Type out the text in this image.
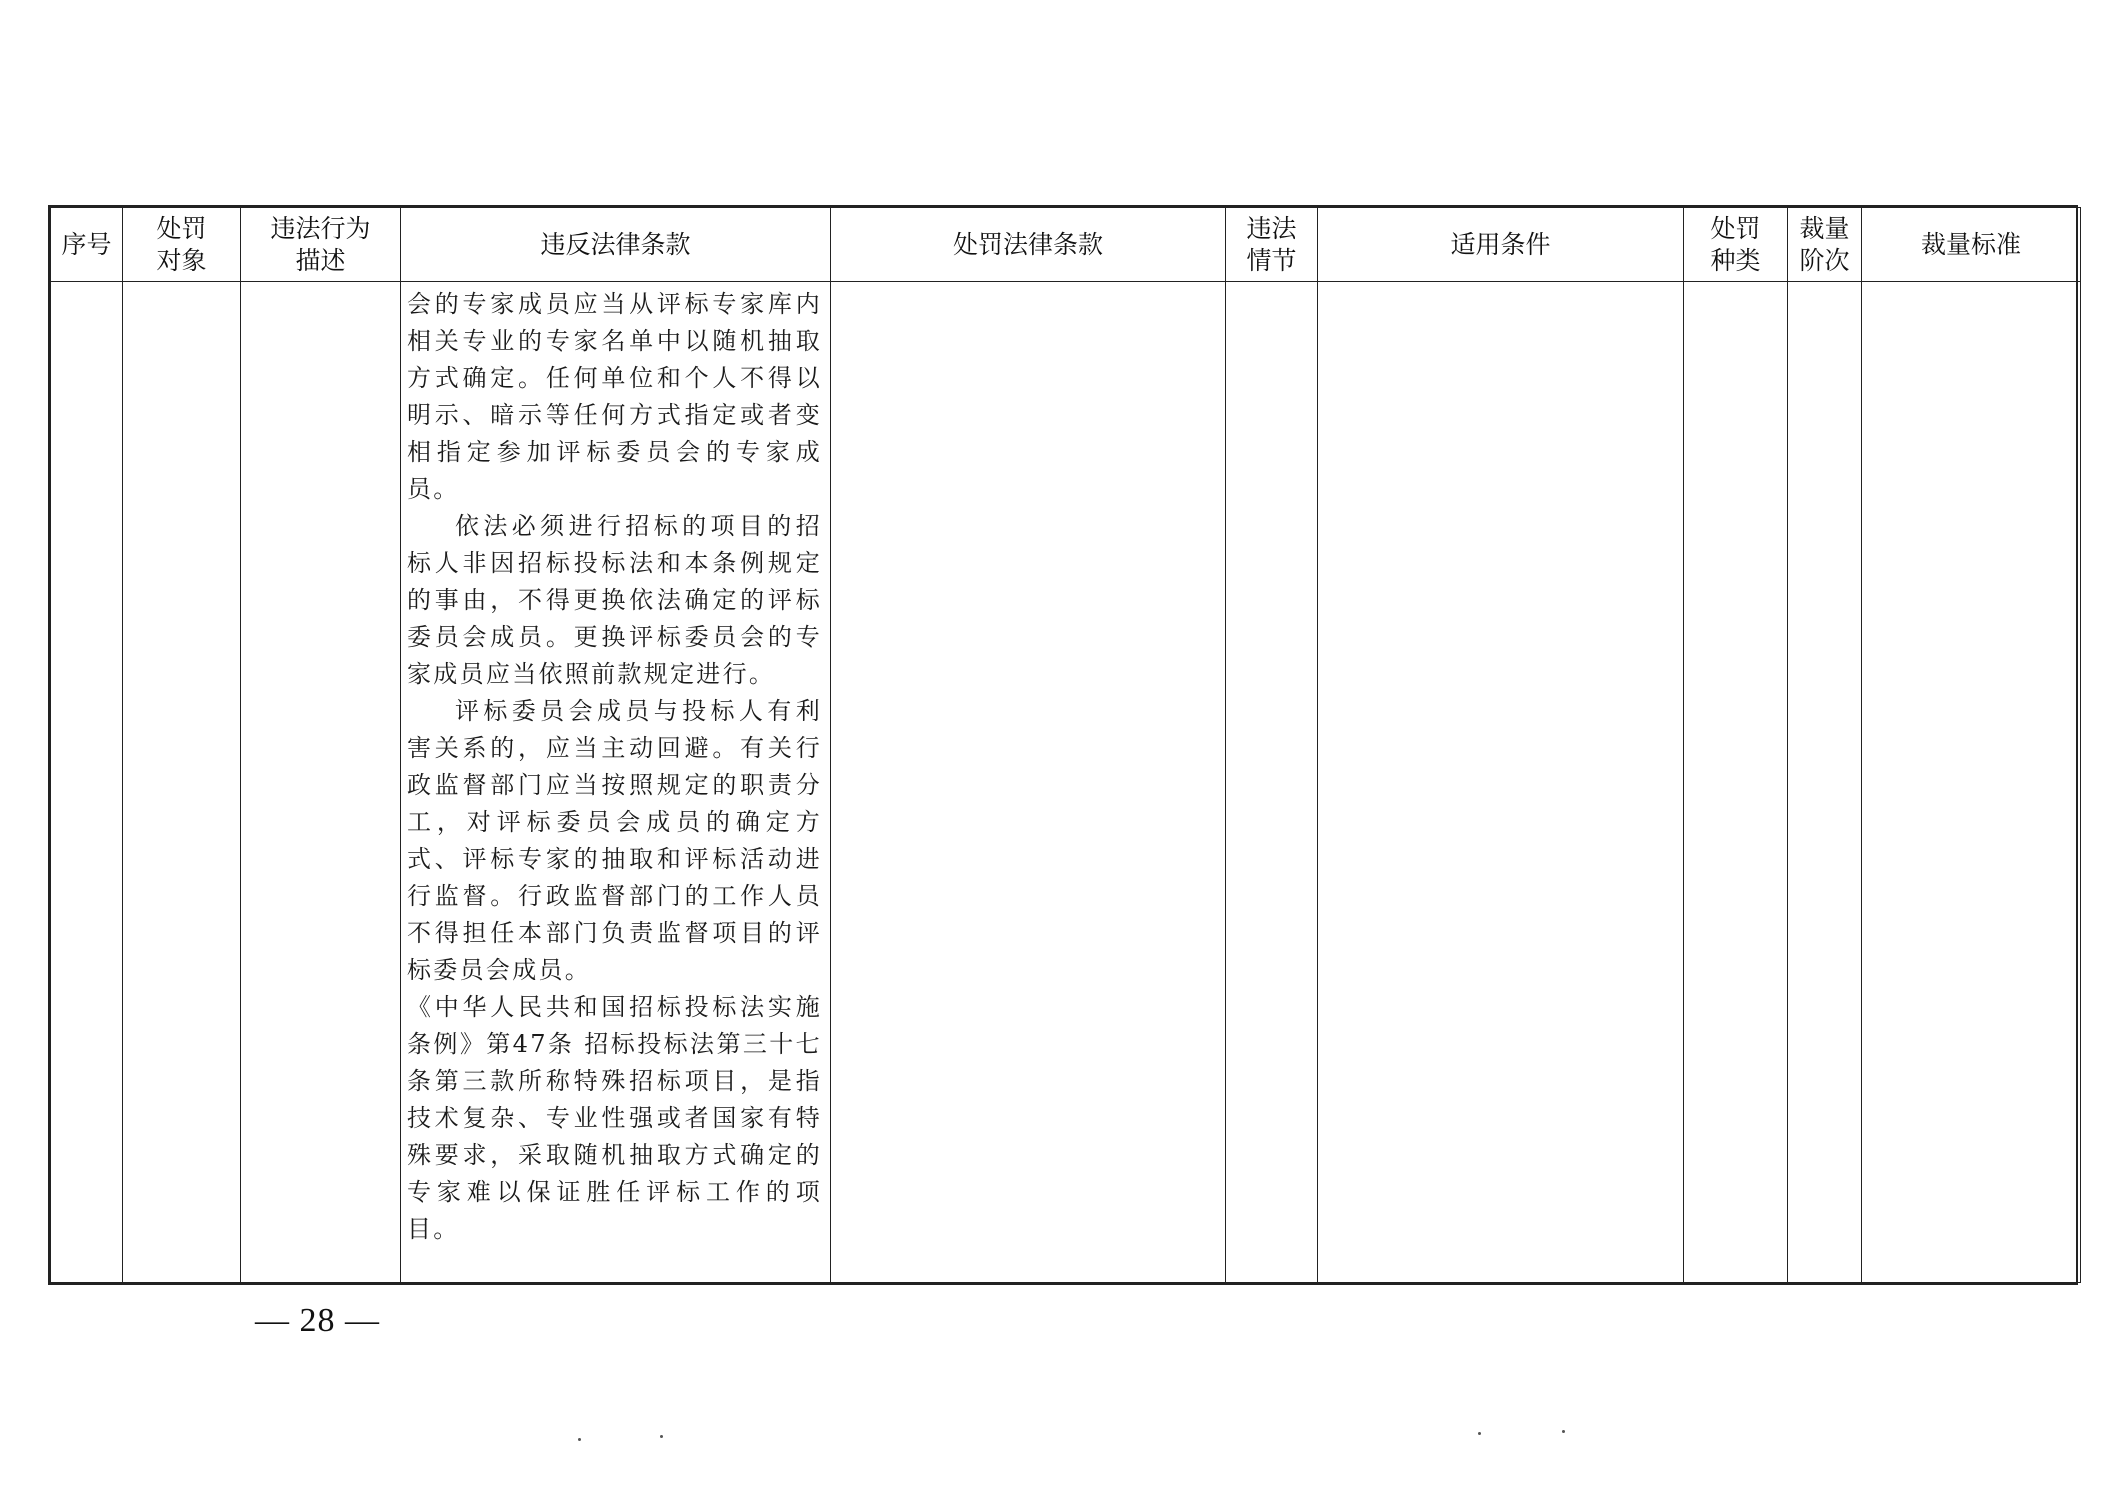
序号	处罚对象	违法行为描述	违反法律条款	处罚法律条款	违法情节	适用条件	处罚种类	裁量阶次	裁量标准

			会的专家成员应当从评标专家库内相关专业的专家名单中以随机抽取方式确定。任何单位和个人不得以明示、暗示等任何方式指定或者变相指定参加评标委员会的专家成员。

依法必须进行招标的项目的招标人非因招标投标法和本条例规定的事由，不得更换依法确定的评标委员会成员。更换评标委员会的专家成员应当依照前款规定进行。

评标委员会成员与投标人有利害关系的，应当主动回避。有关行政监督部门应当按照规定的职责分工，对评标委员会成员的确定方式、评标专家的抽取和评标活动进行监督。行政监督部门的工作人员不得担任本部门负责监督项目的评标委员会成员。

《中华人民共和国招标投标法实施条例》第47条 招标投标法第三十七条第三款所称特殊招标项目，是指技术复杂、专业性强或者国家有特殊要求，采取随机抽取方式确定的专家难以保证胜任评标工作的项目。						

— 28 —
